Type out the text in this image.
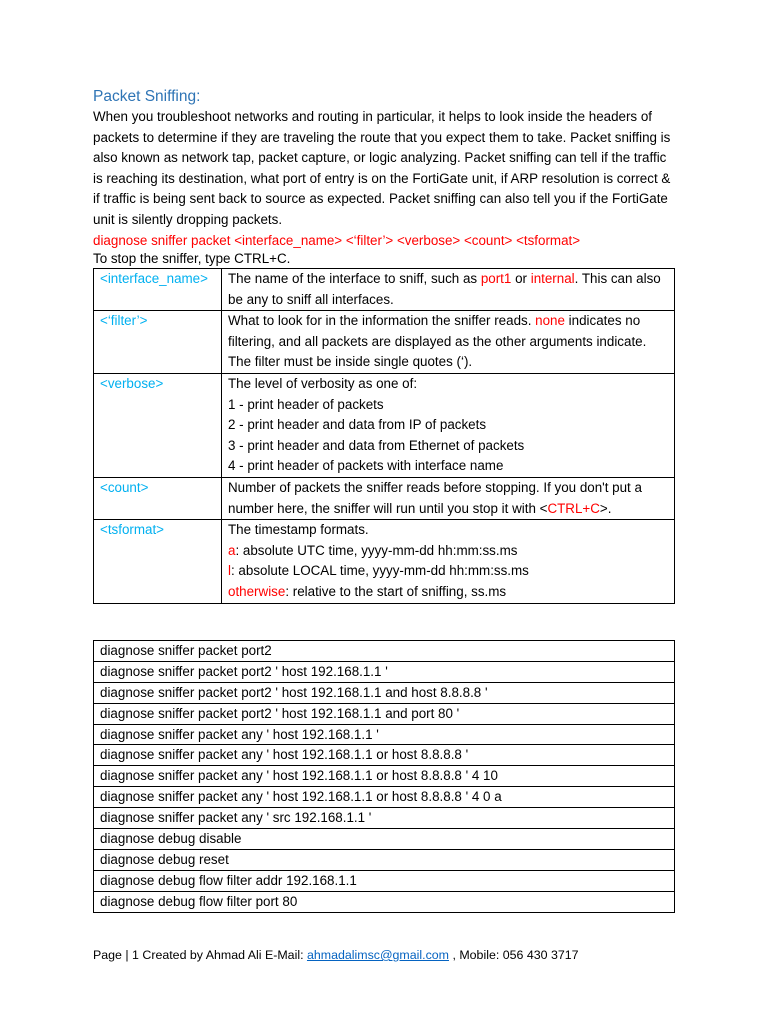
Packet Sniffing:

When you troubleshoot networks and routing in particular, it helps to look inside the headers of packets to determine if they are traveling the route that you expect them to take. Packet sniffing is also known as network tap, packet capture, or logic analyzing. Packet sniffing can tell if the traffic is reaching its destination, what port of entry is on the FortiGate unit, if ARP resolution is correct & if traffic is being sent back to source as expected. Packet sniffing can also tell you if the FortiGate unit is silently dropping packets.
diagnose sniffer packet <interface_name> <‘filter’> <verbose> <count> <tsformat>
To stop the sniffer, type CTRL+C.

<interface_name>	The name of the interface to sniff, such as port1 or internal. This can also be any to sniff all interfaces.
<‘filter’>	What to look for in the information the sniffer reads. none indicates no filtering, and all packets are displayed as the other arguments indicate.
The filter must be inside single quotes (‘).

<verbose>	The level of verbosity as one of:
1 - print header of packets
2 - print header and data from IP of packets
3 - print header and data from Ethernet of packets
4 - print header of packets with interface name

<count>	Number of packets the sniffer reads before stopping. If you don't put a number here, the sniffer will run until you stop it with <CTRL+C>.
<tsformat>	The timestamp formats.
a: absolute UTC time, yyyy-mm-dd hh:mm:ss.ms
l: absolute LOCAL time, yyyy-mm-dd hh:mm:ss.ms
otherwise: relative to the start of sniffing, ss.ms
diagnose sniffer packet port2
diagnose sniffer packet port2 ' host 192.168.1.1 '
diagnose sniffer packet port2 ' host 192.168.1.1 and host 8.8.8.8 '
diagnose sniffer packet port2 ' host 192.168.1.1 and port 80 '
diagnose sniffer packet any ' host 192.168.1.1 '
diagnose sniffer packet any ' host 192.168.1.1 or host 8.8.8.8 '
diagnose sniffer packet any ' host 192.168.1.1 or host 8.8.8.8 ' 4 10
diagnose sniffer packet any ' host 192.168.1.1 or host 8.8.8.8 ' 4 0 a
diagnose sniffer packet any ' src 192.168.1.1 '
diagnose debug disable
diagnose debug reset
diagnose debug flow filter addr 192.168.1.1
diagnose debug flow filter port 80
Page | 1 Created by Ahmad Ali E-Mail: ahmadalimsc@gmail.com , Mobile: 056 430 3717
